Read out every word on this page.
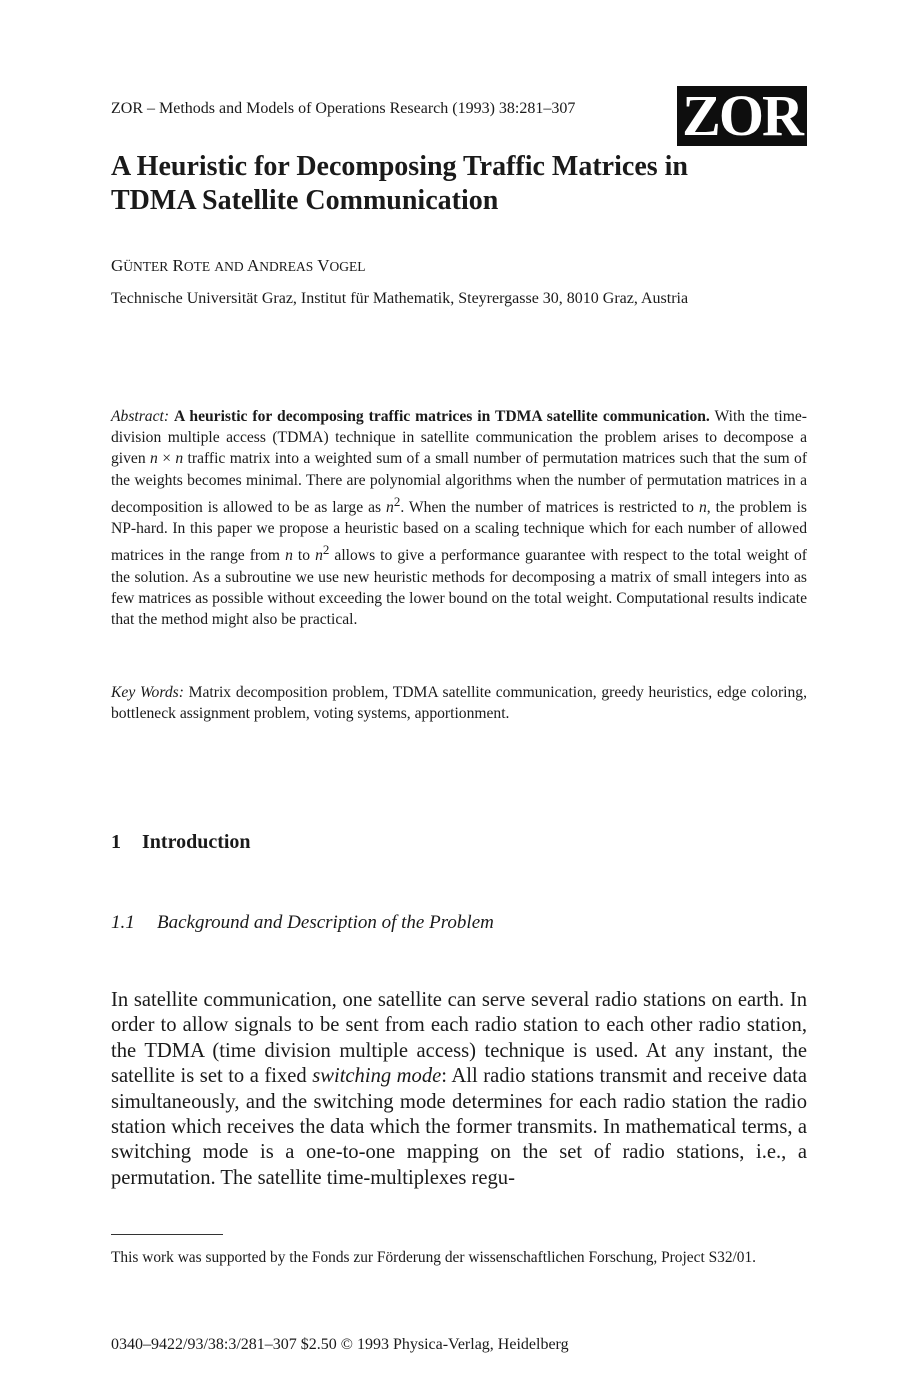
ZOR – Methods and Models of Operations Research (1993) 38:281–307 ZOR
A Heuristic for Decomposing Traffic Matrices in TDMA Satellite Communication
GÜNTER ROTE AND ANDREAS VOGEL
Technische Universität Graz, Institut für Mathematik, Steyrergasse 30, 8010 Graz, Austria

Abstract: A heuristic for decomposing traffic matrices in TDMA satellite communication. With the time-division multiple access (TDMA) technique in satellite communication the problem arises to decompose a given n × n traffic matrix into a weighted sum of a small number of permutation matrices such that the sum of the weights becomes minimal. There are polynomial algorithms when the number of permutation matrices in a decomposition is allowed to be as large as $n^2$. When the number of matrices is restricted to n, the problem is NP-hard. In this paper we propose a heuristic based on a scaling technique which for each number of allowed matrices in the range from n to $n^2$ allows to give a performance guarantee with respect to the total weight of the solution. As a subroutine we use new heuristic methods for decomposing a matrix of small integers into as few matrices as possible without exceeding the lower bound on the total weight. Computational results indicate that the method might also be practical.

Key Words: Matrix decomposition problem, TDMA satellite communication, greedy heuristics, edge coloring, bottleneck assignment problem, voting systems, apportionment.

1 Introduction
1.1 Background and Description of the Problem

In satellite communication, one satellite can serve several radio stations on earth. In order to allow signals to be sent from each radio station to each other radio station, the TDMA (time division multiple access) technique is used. At any instant, the satellite is set to a fixed switching mode: All radio stations transmit and receive data simultaneously, and the switching mode determines for each radio station the radio station which receives the data which the former transmits. In mathematical terms, a switching mode is a one-to-one mapping on the set of radio stations, i.e., a permutation. The satellite time-multiplexes regu-

This work was supported by the Fonds zur Förderung der wissenschaftlichen Forschung, Project S32/01.

0340–9422/93/38:3/281–307 $2.50 © 1993 Physica-Verlag, Heidelberg
